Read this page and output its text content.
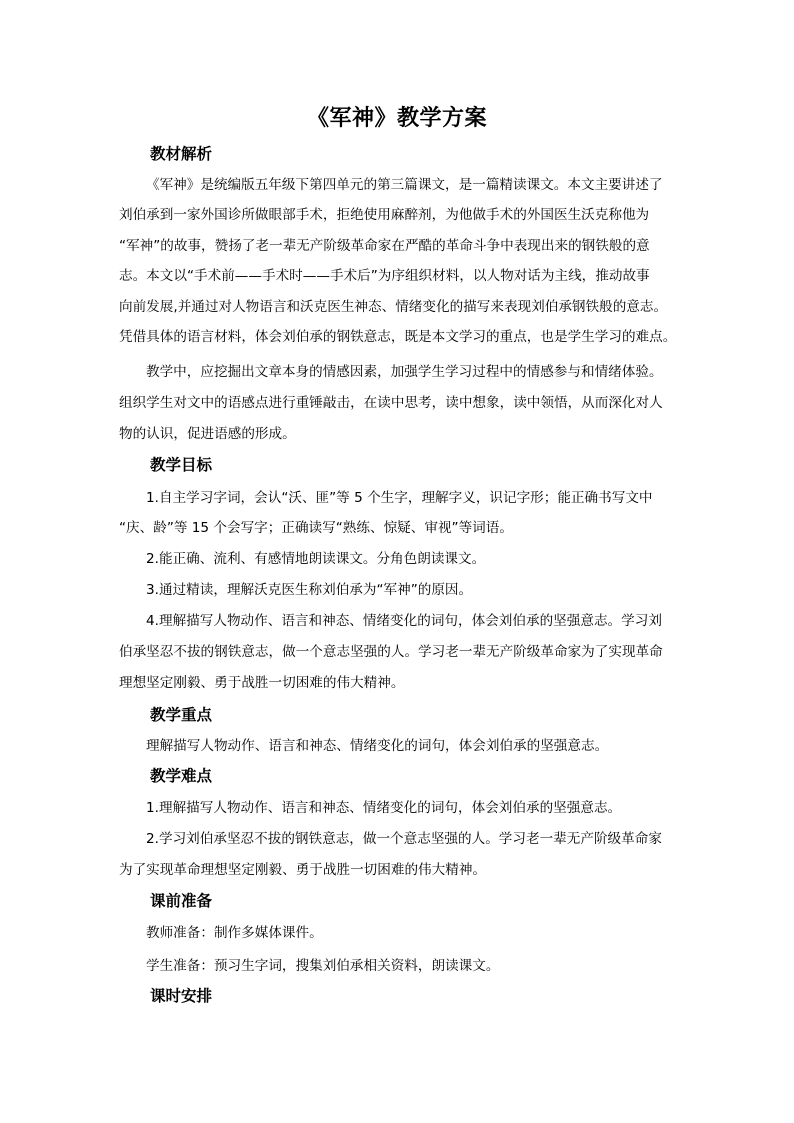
《军神》教学方案
教材解析
《军神》是统编版五年级下第四单元的第三篇课文，是一篇精读课文。本文主要讲述了
刘伯承到一家外国诊所做眼部手术，拒绝使用麻醉剂，为他做手术的外国医生沃克称他为
“军神”的故事，赞扬了老一辈无产阶级革命家在严酷的革命斗争中表现出来的钢铁般的意
志。本文以“手术前——手术时——手术后”为序组织材料，以人物对话为主线，推动故事
向前发展,并通过对人物语言和沃克医生神态、情绪变化的描写来表现刘伯承钢铁般的意志。
凭借具体的语言材料，体会刘伯承的钢铁意志，既是本文学习的重点，也是学生学习的难点。
教学中，应挖掘出文章本身的情感因素，加强学生学习过程中的情感参与和情绪体验。
组织学生对文中的语感点进行重锤敲击，在读中思考，读中想象，读中领悟，从而深化对人
物的认识，促进语感的形成。
教学目标
1.自主学习字词，会认“沃、匪”等 5 个生字，理解字义，识记字形；能正确书写文中
“庆、龄”等 15 个会写字；正确读写“熟练、惊疑、审视”等词语。
2.能正确、流利、有感情地朗读课文。分角色朗读课文。
3.通过精读，理解沃克医生称刘伯承为“军神”的原因。
4.理解描写人物动作、语言和神态、情绪变化的词句，体会刘伯承的坚强意志。学习刘
伯承坚忍不拔的钢铁意志，做一个意志坚强的人。学习老一辈无产阶级革命家为了实现革命
理想坚定刚毅、勇于战胜一切困难的伟大精神。
教学重点
理解描写人物动作、语言和神态、情绪变化的词句，体会刘伯承的坚强意志。
教学难点
1.理解描写人物动作、语言和神态、情绪变化的词句，体会刘伯承的坚强意志。
2.学习刘伯承坚忍不拔的钢铁意志，做一个意志坚强的人。学习老一辈无产阶级革命家
为了实现革命理想坚定刚毅、勇于战胜一切困难的伟大精神。
课前准备
教师准备：制作多媒体课件。
学生准备：预习生字词，搜集刘伯承相关资料，朗读课文。
课时安排
